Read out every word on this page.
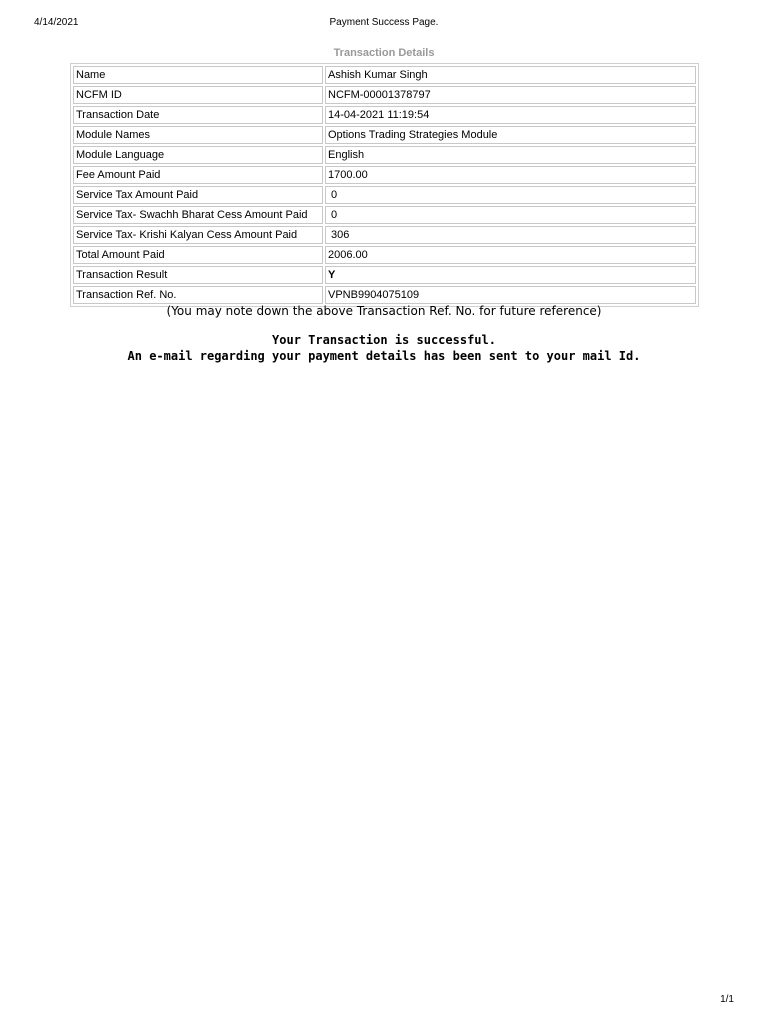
4/14/2021	Payment Success Page.
Transaction Details
Name	Ashish Kumar Singh
NCFM ID	NCFM-00001378797
Transaction Date	14-04-2021 11:19:54
Module Names	Options Trading Strategies Module
Module Language	English
Fee Amount Paid	1700.00
Service Tax Amount Paid	0
Service Tax- Swachh Bharat Cess Amount Paid	0
Service Tax- Krishi Kalyan Cess Amount Paid	306
Total Amount Paid	2006.00
Transaction Result	Y
Transaction Ref. No.	VPNB9904075109
(You may note down the above Transaction Ref. No. for future reference)
Your Transaction is successful.
An e-mail regarding your payment details has been sent to your mail Id.
1/1
